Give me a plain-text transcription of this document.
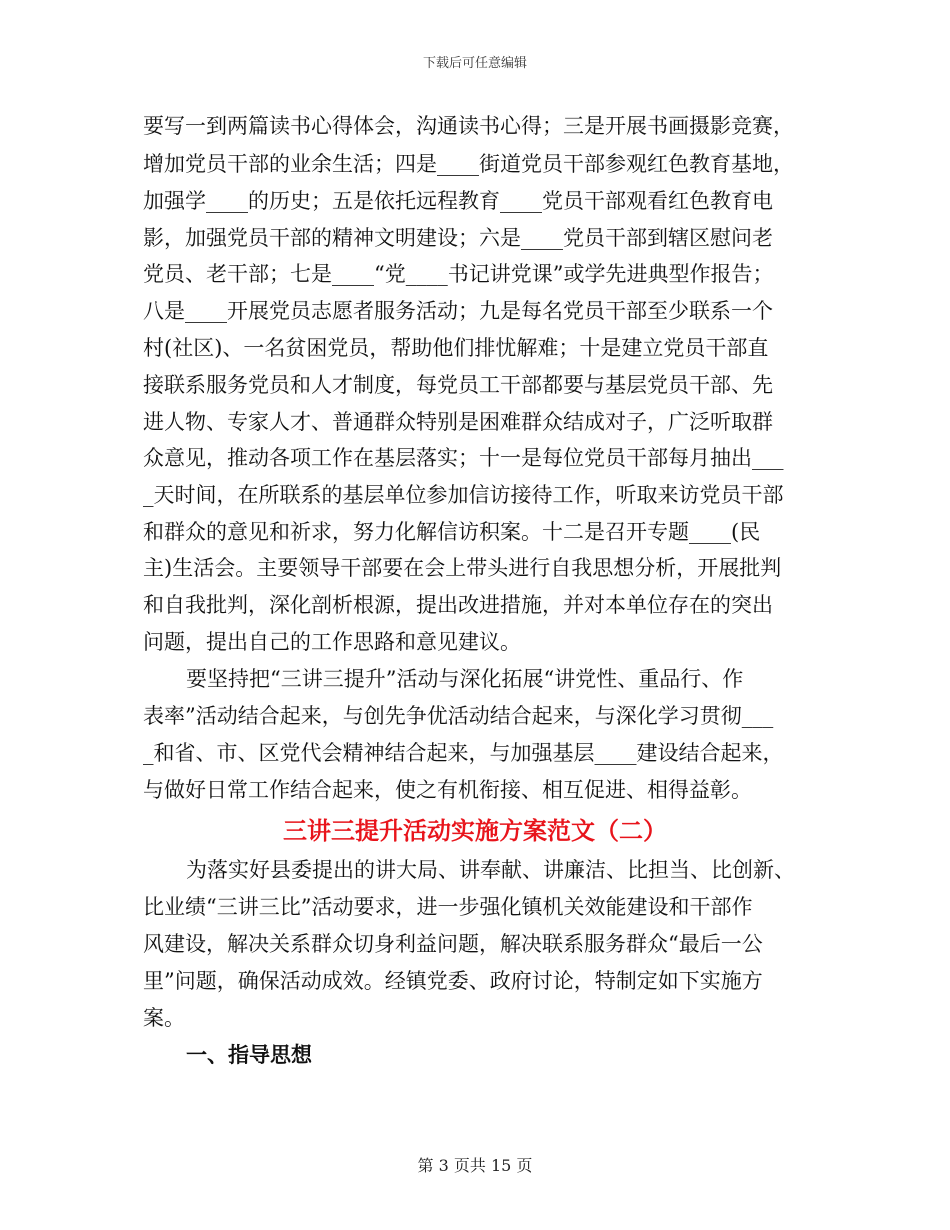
下载后可任意编辑

要写一到两篇读书心得体会，沟通读书心得；三是开展书画摄影竞赛，

增加党员干部的业余生活；四是____街道党员干部参观红色教育基地，

加强学____的历史；五是依托远程教育____党员干部观看红色教育电

影，加强党员干部的精神文明建设；六是____党员干部到辖区慰问老

党员、老干部；七是____“党____书记讲党课”或学先进典型作报告；

八是____开展党员志愿者服务活动；九是每名党员干部至少联系一个

村(社区)、一名贫困党员，帮助他们排忧解难；十是建立党员干部直

接联系服务党员和人才制度，每党员工干部都要与基层党员干部、先

进人物、专家人才、普通群众特别是困难群众结成对子，广泛听取群

众意见，推动各项工作在基层落实；十一是每位党员干部每月抽出___

_天时间，在所联系的基层单位参加信访接待工作，听取来访党员干部

和群众的意见和祈求，努力化解信访积案。十二是召开专题____(民

主)生活会。主要领导干部要在会上带头进行自我思想分析，开展批判

和自我批判，深化剖析根源，提出改进措施，并对本单位存在的突出

问题，提出自己的工作思路和意见建议。

要坚持把“三讲三提升”活动与深化拓展“讲党性、重品行、作

表率”活动结合起来，与创先争优活动结合起来，与深化学习贯彻___

_和省、市、区党代会精神结合起来，与加强基层____建设结合起来，

与做好日常工作结合起来，使之有机衔接、相互促进、相得益彰。

三讲三提升活动实施方案范文（二）

为落实好县委提出的讲大局、讲奉献、讲廉洁、比担当、比创新、

比业绩“三讲三比”活动要求，进一步强化镇机关效能建设和干部作

风建设，解决关系群众切身利益问题，解决联系服务群众“最后一公

里”问题，确保活动成效。经镇党委、政府讨论，特制定如下实施方

案。

一、指导思想

第 3 页共 15 页
